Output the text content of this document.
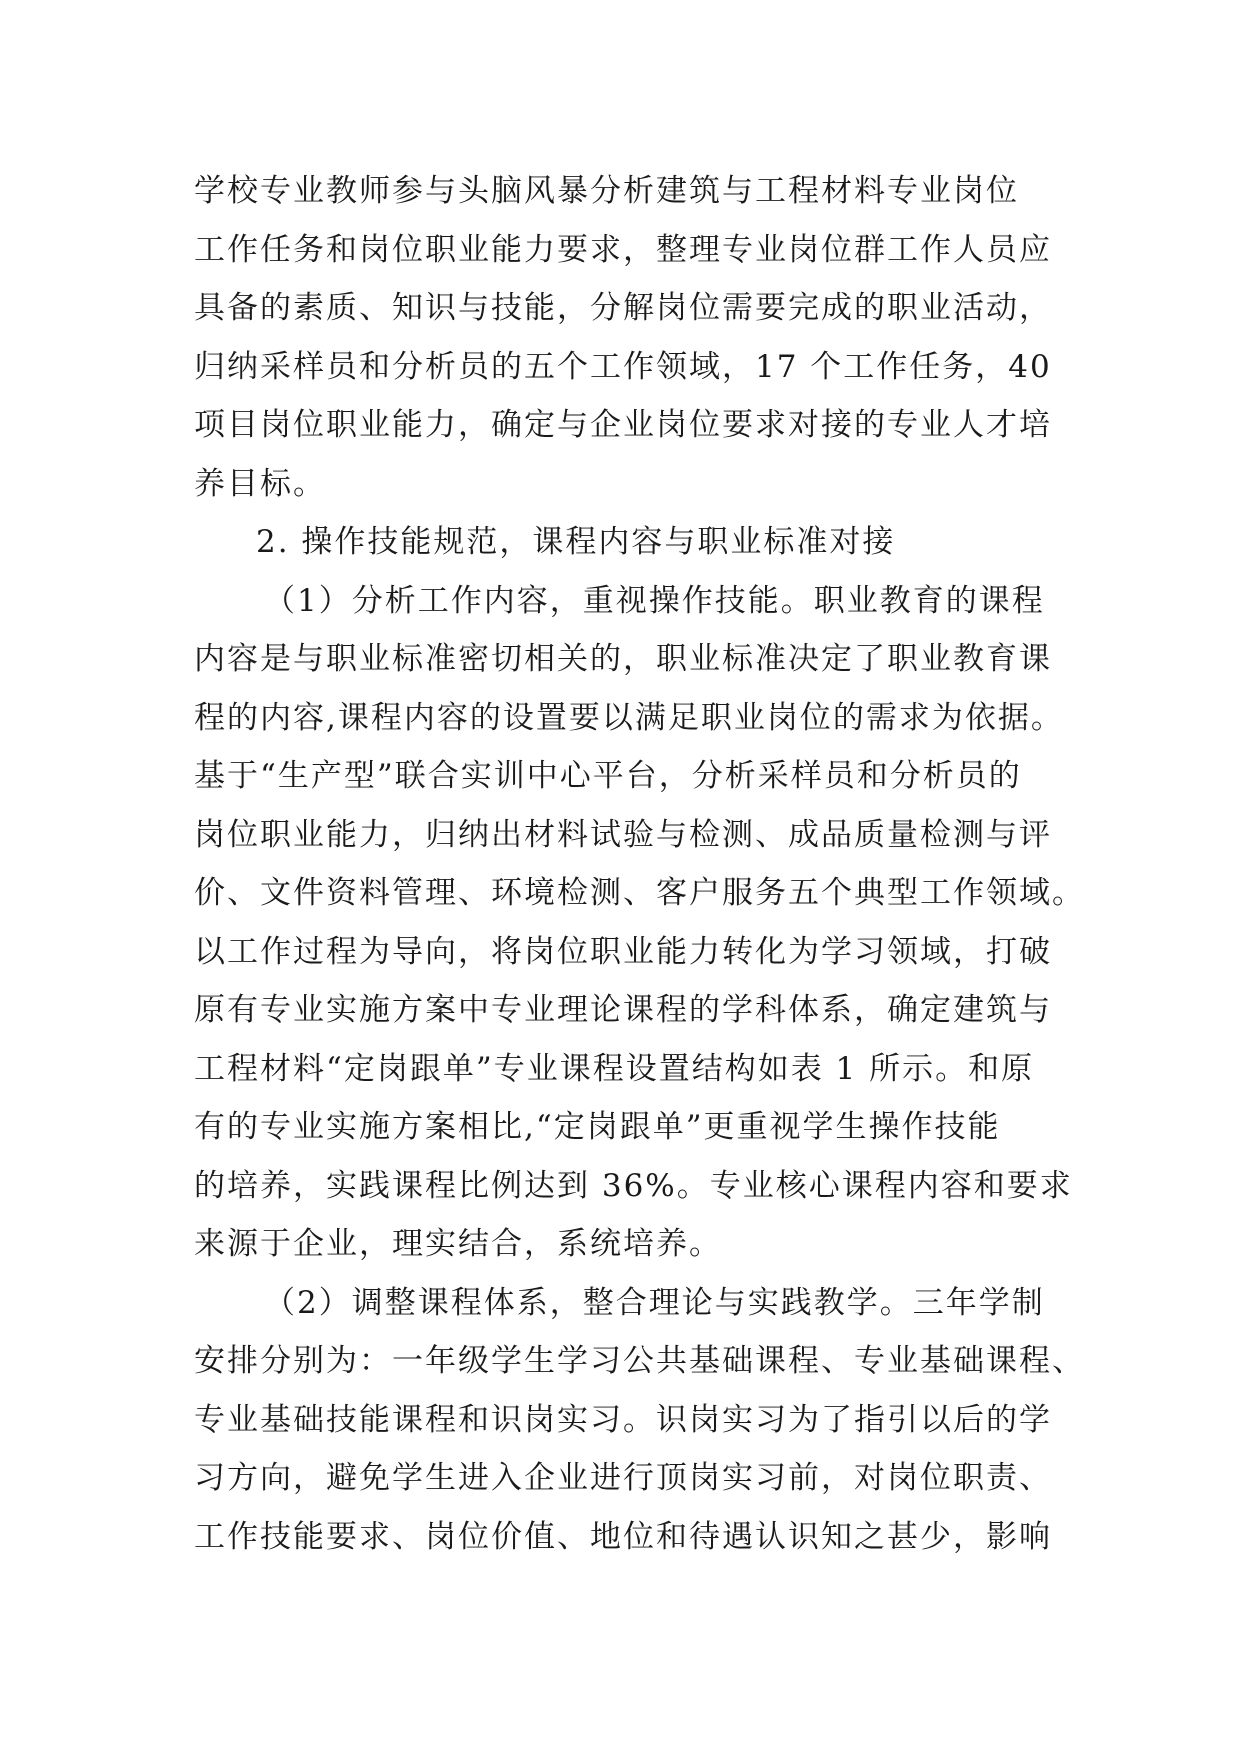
学校专业教师参与头脑风暴分析建筑与工程材料专业岗位
工作任务和岗位职业能力要求，整理专业岗位群工作人员应
具备的素质、知识与技能，分解岗位需要完成的职业活动，
归纳采样员和分析员的五个工作领域，17 个工作任务，40
项目岗位职业能力，确定与企业岗位要求对接的专业人才培
养目标。
2. 操作技能规范，课程内容与职业标准对接
（1）分析工作内容，重视操作技能。职业教育的课程
内容是与职业标准密切相关的，职业标准决定了职业教育课
程的内容,课程内容的设置要以满足职业岗位的需求为依据。
基于“生产型”联合实训中心平台，分析采样员和分析员的
岗位职业能力，归纳出材料试验与检测、成品质量检测与评
价、文件资料管理、环境检测、客户服务五个典型工作领域。
以工作过程为导向，将岗位职业能力转化为学习领域，打破
原有专业实施方案中专业理论课程的学科体系，确定建筑与
工程材料“定岗跟单”专业课程设置结构如表 1 所示。和原
有的专业实施方案相比,“定岗跟单”更重视学生操作技能
的培养，实践课程比例达到 36%。专业核心课程内容和要求
来源于企业，理实结合，系统培养。
（2）调整课程体系，整合理论与实践教学。三年学制
安排分别为：一年级学生学习公共基础课程、专业基础课程、
专业基础技能课程和识岗实习。识岗实习为了指引以后的学
习方向，避免学生进入企业进行顶岗实习前，对岗位职责、
工作技能要求、岗位价值、地位和待遇认识知之甚少，影响
